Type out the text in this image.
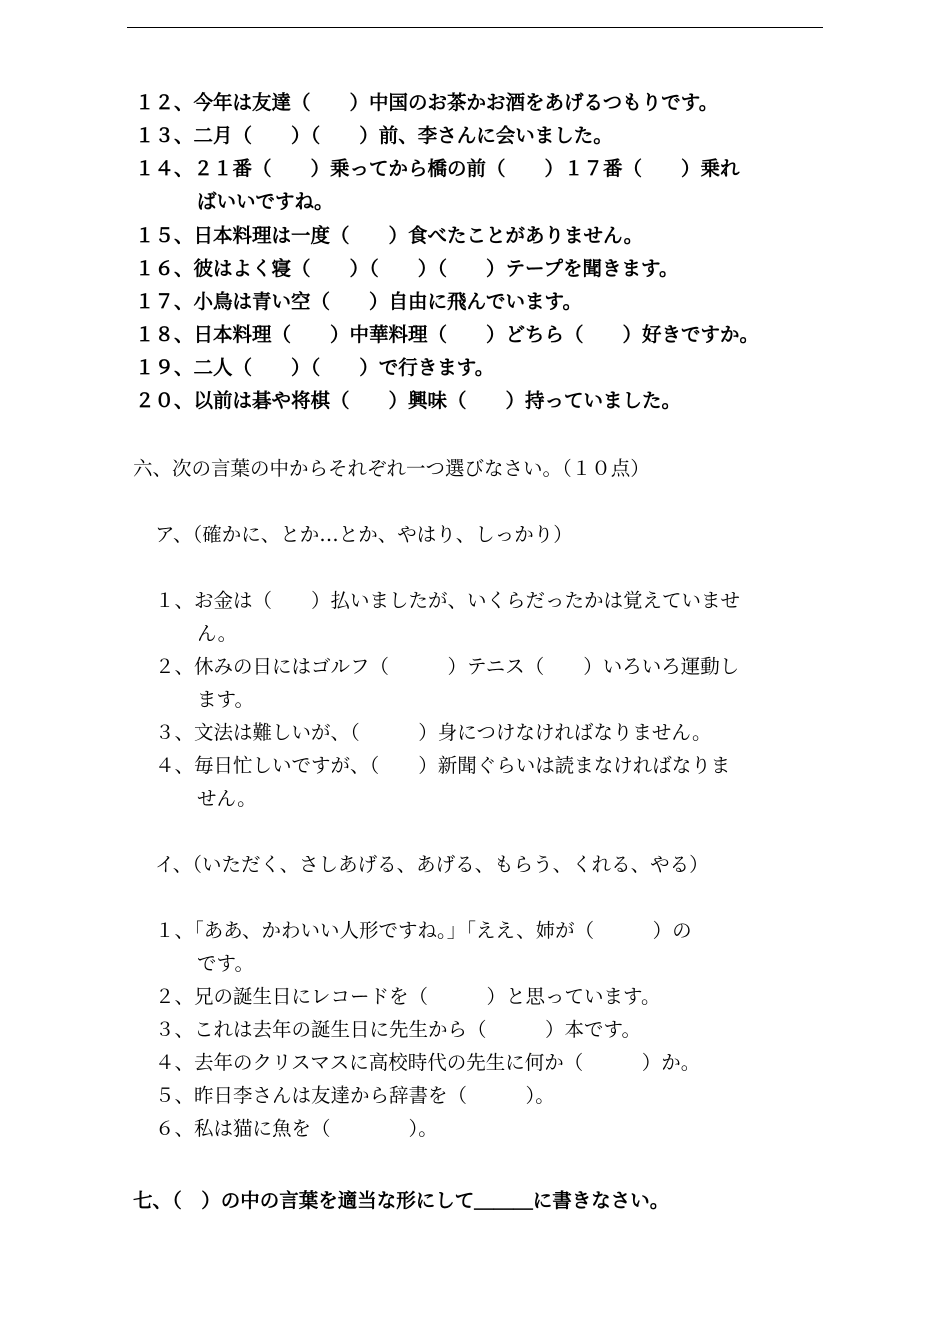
１２、今年は友達（　　）中国のお茶かお酒をあげるつもりです。

１３、二月（　　）（　　）前、李さんに会いました。

１４、２１番（　　）乗ってから橋の前（　　）１７番（　　）乗れ
ばいいですね。

１５、日本料理は一度（　　）食べたことがありません。

１６、彼はよく寝（　　）（　　）（　　）テープを聞きます。

１７、小鳥は青い空（　　）自由に飛んでいます。

１８、日本料理（　　）中華料理（　　）どちら（　　）好きですか。

１９、二人（　　）（　　）で行きます。

２０、以前は碁や将棋（　　）興味（　　）持っていました。

六、次の言葉の中からそれぞれ一つ選びなさい。（１０点）

ア、（確かに、とか…とか、やはり、しっかり）

１、お金は（　　）払いましたが、いくらだったかは覚えていませ
ん。

２、休みの日にはゴルフ（　　　）テニス（　　）いろいろ運動し
ます。

３、文法は難しいが、（　　　）身につけなければなりません。

４、毎日忙しいですが、（　　）新聞ぐらいは読まなければなりま
せん。

イ、（いただく、さしあげる、あげる、もらう、くれる、やる）

１、「ああ、かわいい人形ですね。」「ええ、姉が（　　　）の
です。

２、兄の誕生日にレコードを（　　　）と思っています。

３、これは去年の誕生日に先生から（　　　）本です。

４、去年のクリスマスに高校時代の先生に何か（　　　）か。

５、昨日李さんは友達から辞書を（　　　）。

６、私は猫に魚を（　　　　）。

七、（　）の中の言葉を適当な形にして＿＿＿に書きなさい。
